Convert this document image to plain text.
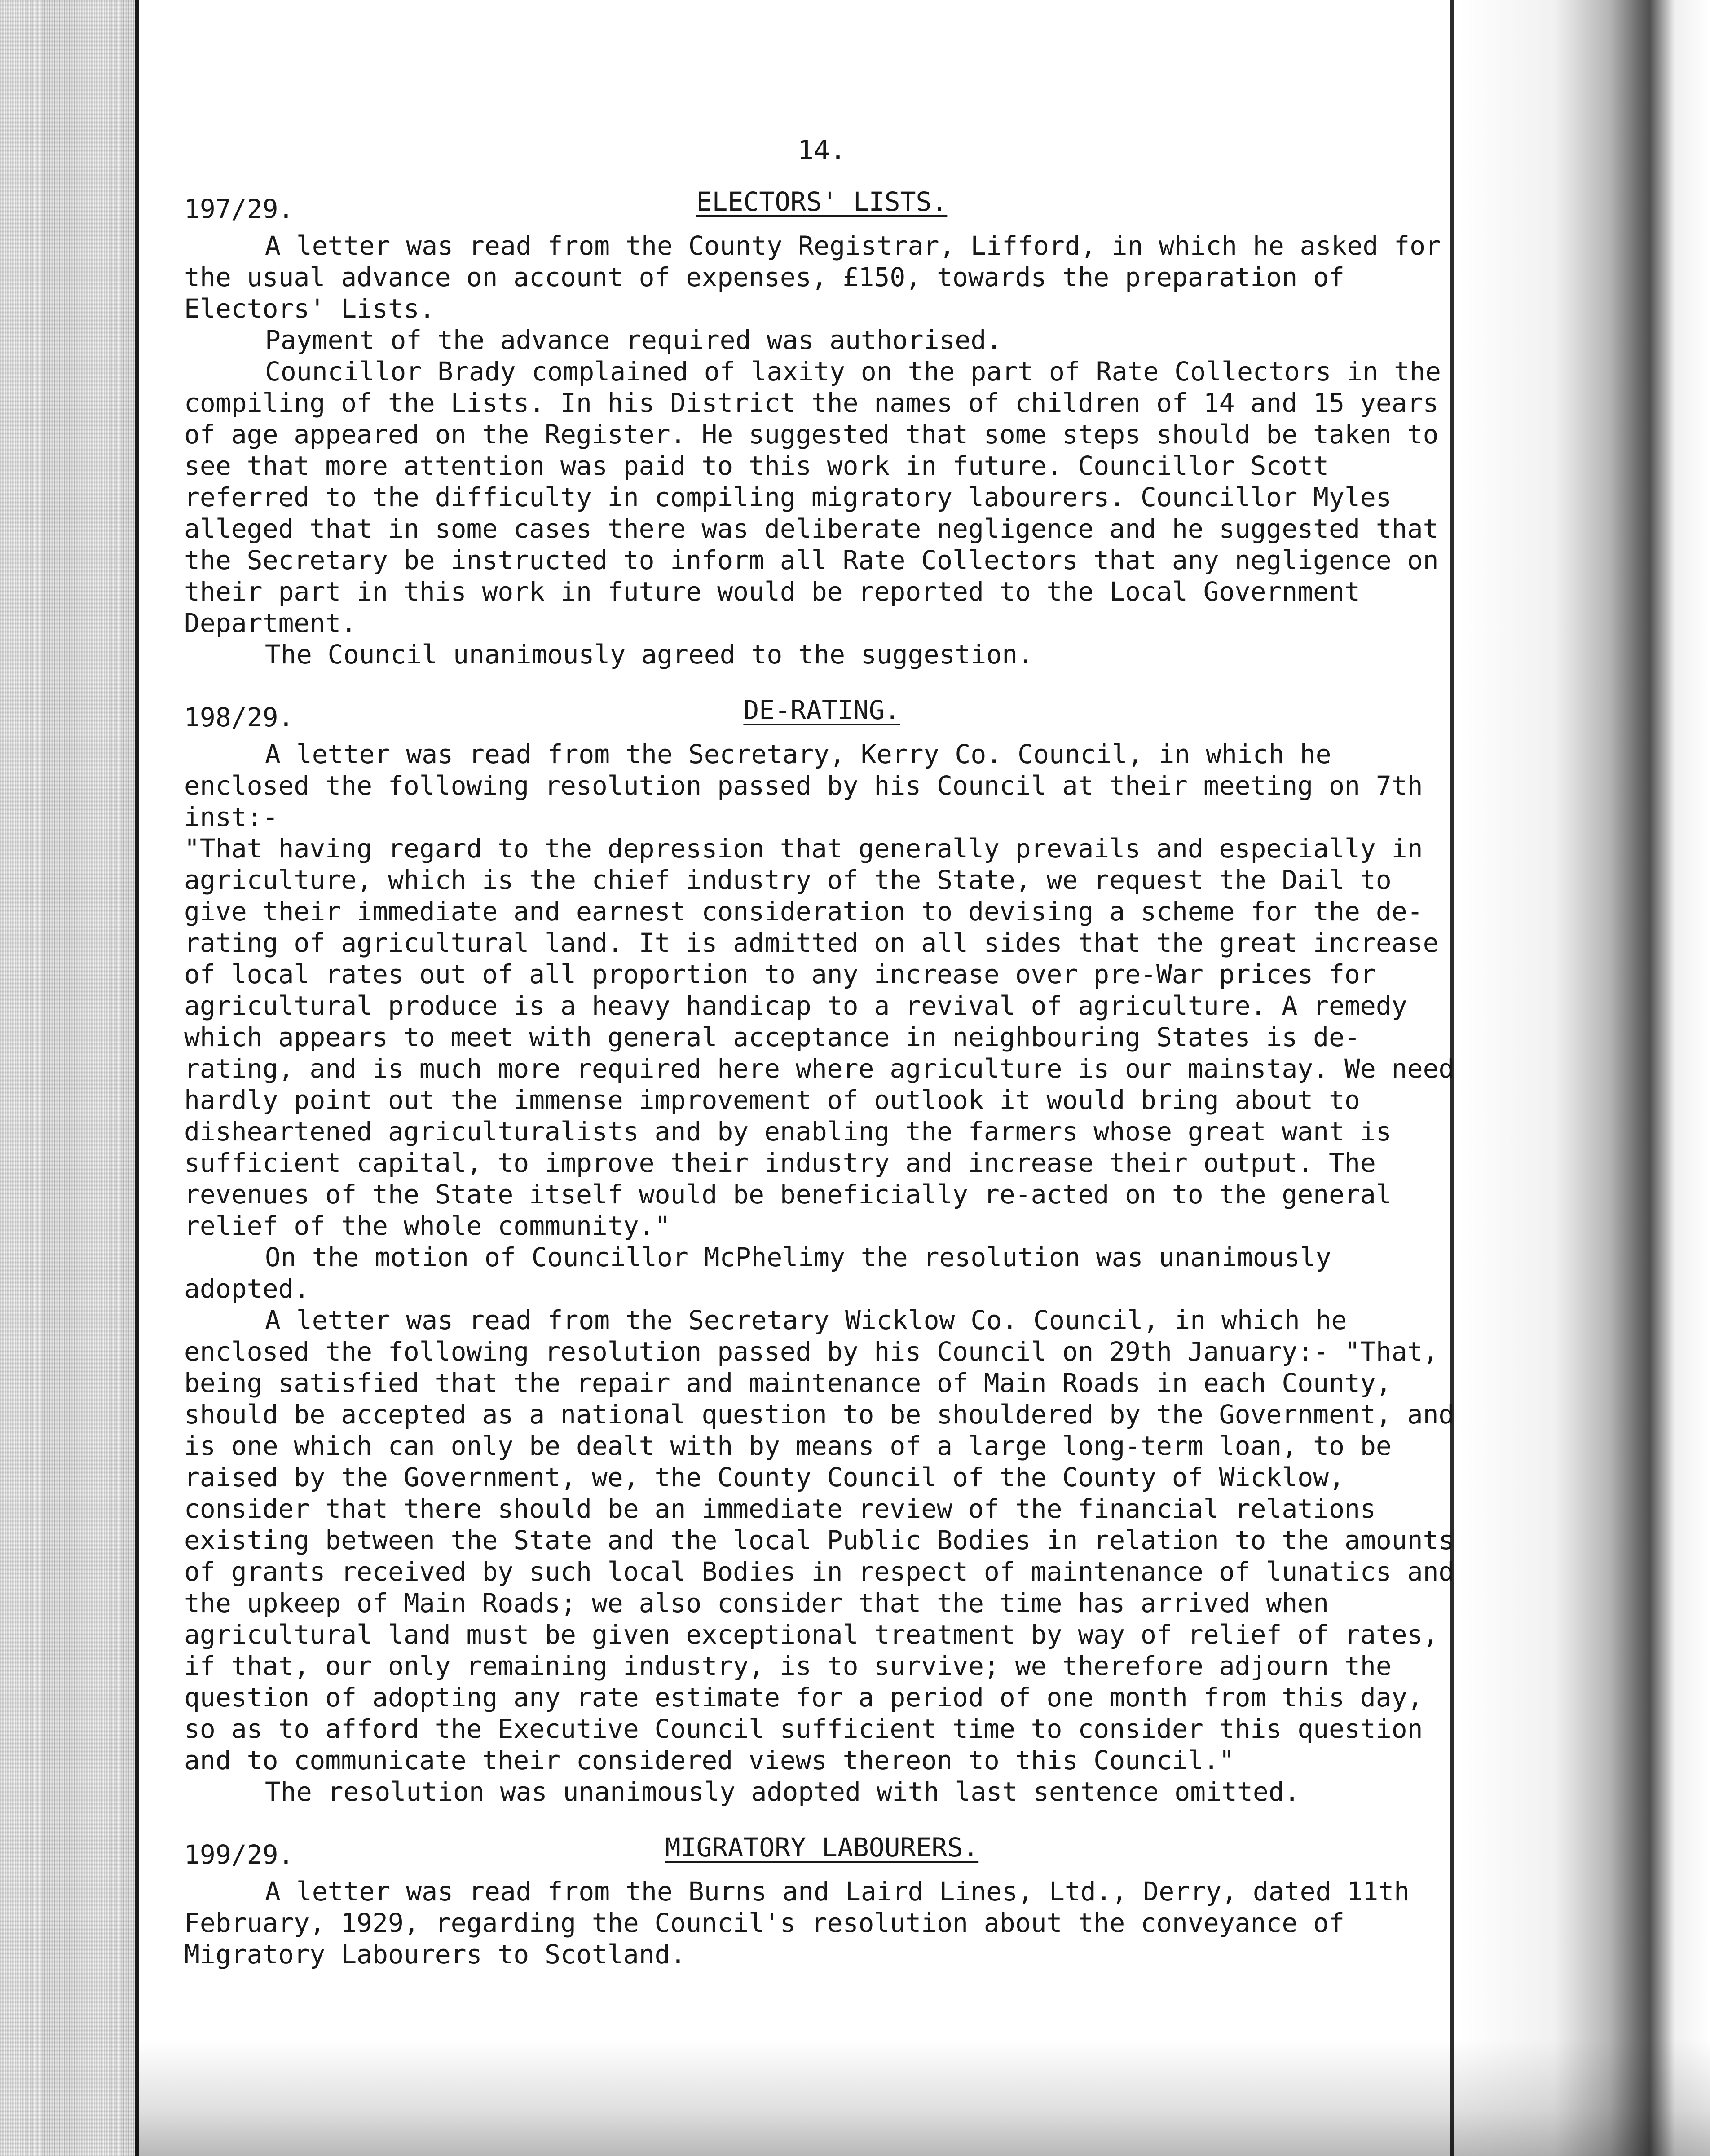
14.
197/29.	ELECTORS' LISTS.

A letter was read from the County Registrar, Lifford, in which he asked for the usual advance on account of expenses, £150, towards the preparation of Electors' Lists.

Payment of the advance required was authorised.

Councillor Brady complained of laxity on the part of Rate Collectors in the compiling of the Lists. In his District the names of children of 14 and 15 years of age appeared on the Register. He suggested that some steps should be taken to see that more attention was paid to this work in future. Councillor Scott referred to the difficulty in compiling migratory labourers. Councillor Myles alleged that in some cases there was deliberate negligence and he suggested that the Secretary be instructed to inform all Rate Collectors that any negligence on their part in this work in future would be reported to the Local Government Department.

The Council unanimously agreed to the suggestion.

198/29.	DE-RATING.

A letter was read from the Secretary, Kerry Co. Council, in which he enclosed the following resolution passed by his Council at their meeting on 7th inst:-

"That having regard to the depression that generally prevails and especially in agriculture, which is the chief industry of the State, we request the Dail to give their immediate and earnest consideration to devising a scheme for the de-rating of agricultural land. It is admitted on all sides that the great increase of local rates out of all proportion to any increase over pre-War prices for agricultural produce is a heavy handicap to a revival of agriculture. A remedy which appears to meet with general acceptance in neighbouring States is de-rating, and is much more required here where agriculture is our mainstay. We need hardly point out the immense improvement of outlook it would bring about to disheartened agriculturalists and by enabling the farmers whose great want is sufficient capital, to improve their industry and increase their output. The revenues of the State itself would be beneficially re-acted on to the general relief of the whole community."

On the motion of Councillor McPhelimy the resolution was unanimously adopted.

A letter was read from the Secretary Wicklow Co. Council, in which he enclosed the following resolution passed by his Council on 29th January:- "That, being satisfied that the repair and maintenance of Main Roads in each County, should be accepted as a national question to be shouldered by the Government, and is one which can only be dealt with by means of a large long-term loan, to be raised by the Government, we, the County Council of the County of Wicklow, consider that there should be an immediate review of the financial relations existing between the State and the local Public Bodies in relation to the amounts of grants received by such local Bodies in respect of maintenance of lunatics and the upkeep of Main Roads; we also consider that the time has arrived when agricultural land must be given exceptional treatment by way of relief of rates, if that, our only remaining industry, is to survive; we therefore adjourn the question of adopting any rate estimate for a period of one month from this day, so as to afford the Executive Council sufficient time to consider this question and to communicate their considered views thereon to this Council."

The resolution was unanimously adopted with last sentence omitted.

199/29.	MIGRATORY LABOURERS.

A letter was read from the Burns and Laird Lines, Ltd., Derry, dated 11th February, 1929, regarding the Council's resolution about the conveyance of Migratory Labourers to Scotland.
